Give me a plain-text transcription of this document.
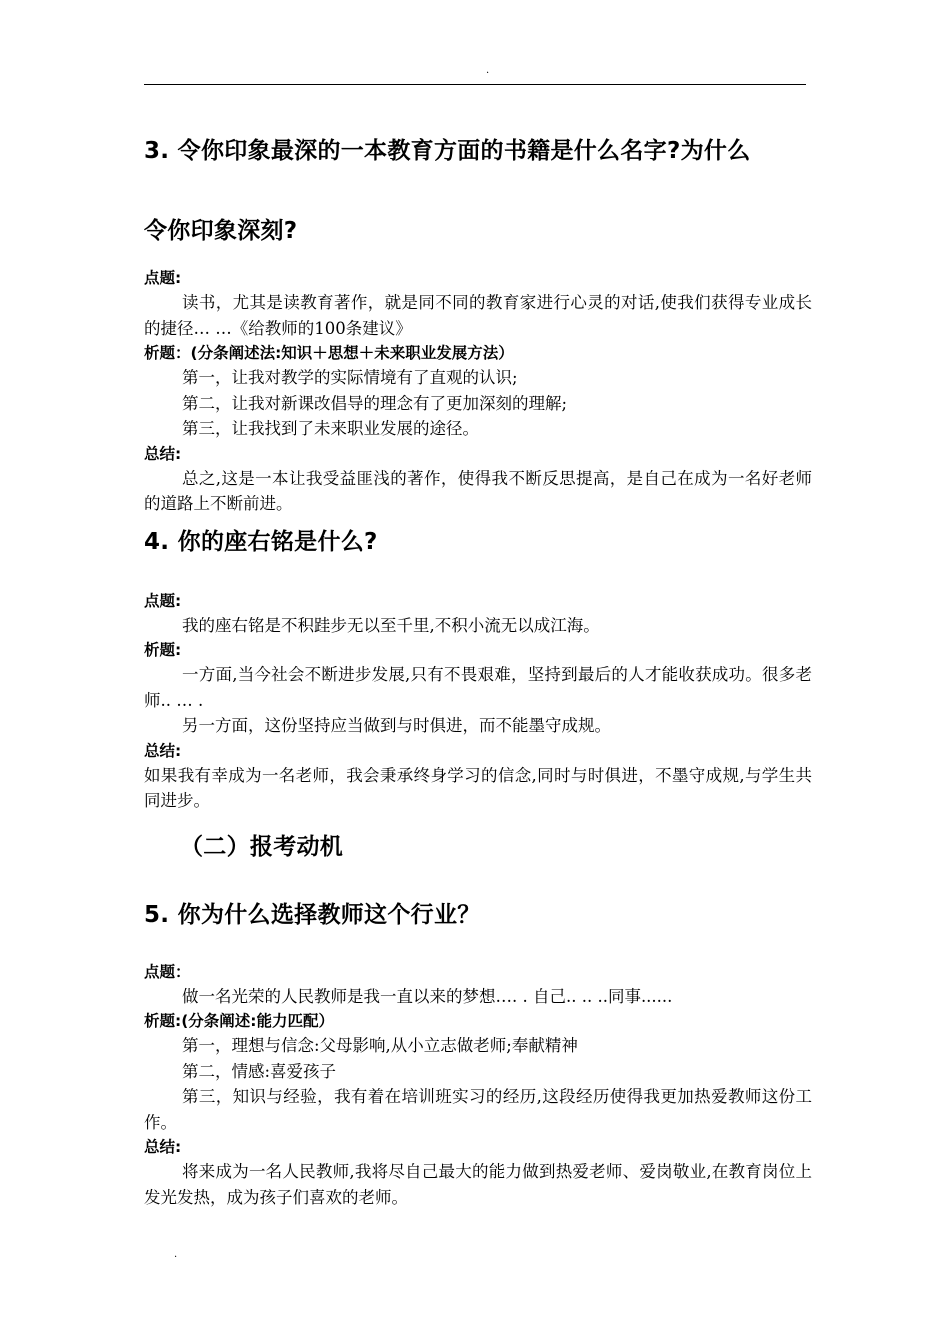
.
3. 令你印象最深的一本教育方面的书籍是什么名字?为什么
令你印象深刻?
点题:

读书，尤其是读教育著作，就是同不同的教育家进行心灵的对话,使我们获得专业成长的捷径… …《给教师的100条建议》

析题：(分条阐述法:知识＋思想＋未来职业发展方法）

第一，让我对教学的实际情境有了直观的认识;

第二，让我对新课改倡导的理念有了更加深刻的理解;

第三，让我找到了未来职业发展的途径。

总结:

总之,这是一本让我受益匪浅的著作，使得我不断反思提高，是自己在成为一名好老师的道路上不断前进。

4. 你的座右铭是什么?
点题:

我的座右铭是不积跬步无以至千里,不积小流无以成江海。

析题:

一方面,当今社会不断进步发展,只有不畏艰难，坚持到最后的人才能收获成功。很多老师.. … .

另一方面，这份坚持应当做到与时俱进，而不能墨守成规。

总结:

如果我有幸成为一名老师，我会秉承终身学习的信念,同时与时俱进，不墨守成规,与学生共同进步。

（二）报考动机
5. 你为什么选择教师这个行业？
点题：

做一名光荣的人民教师是我一直以来的梦想…. . 自己.. .. ..同事......

析题:(分条阐述:能力匹配）

第一，理想与信念:父母影响,从小立志做老师;奉献精神

第二，情感:喜爱孩子

第三，知识与经验，我有着在培训班实习的经历,这段经历使得我更加热爱教师这份工作。

总结:

将来成为一名人民教师,我将尽自己最大的能力做到热爱老师、爱岗敬业,在教育岗位上发光发热，成为孩子们喜欢的老师。

.
